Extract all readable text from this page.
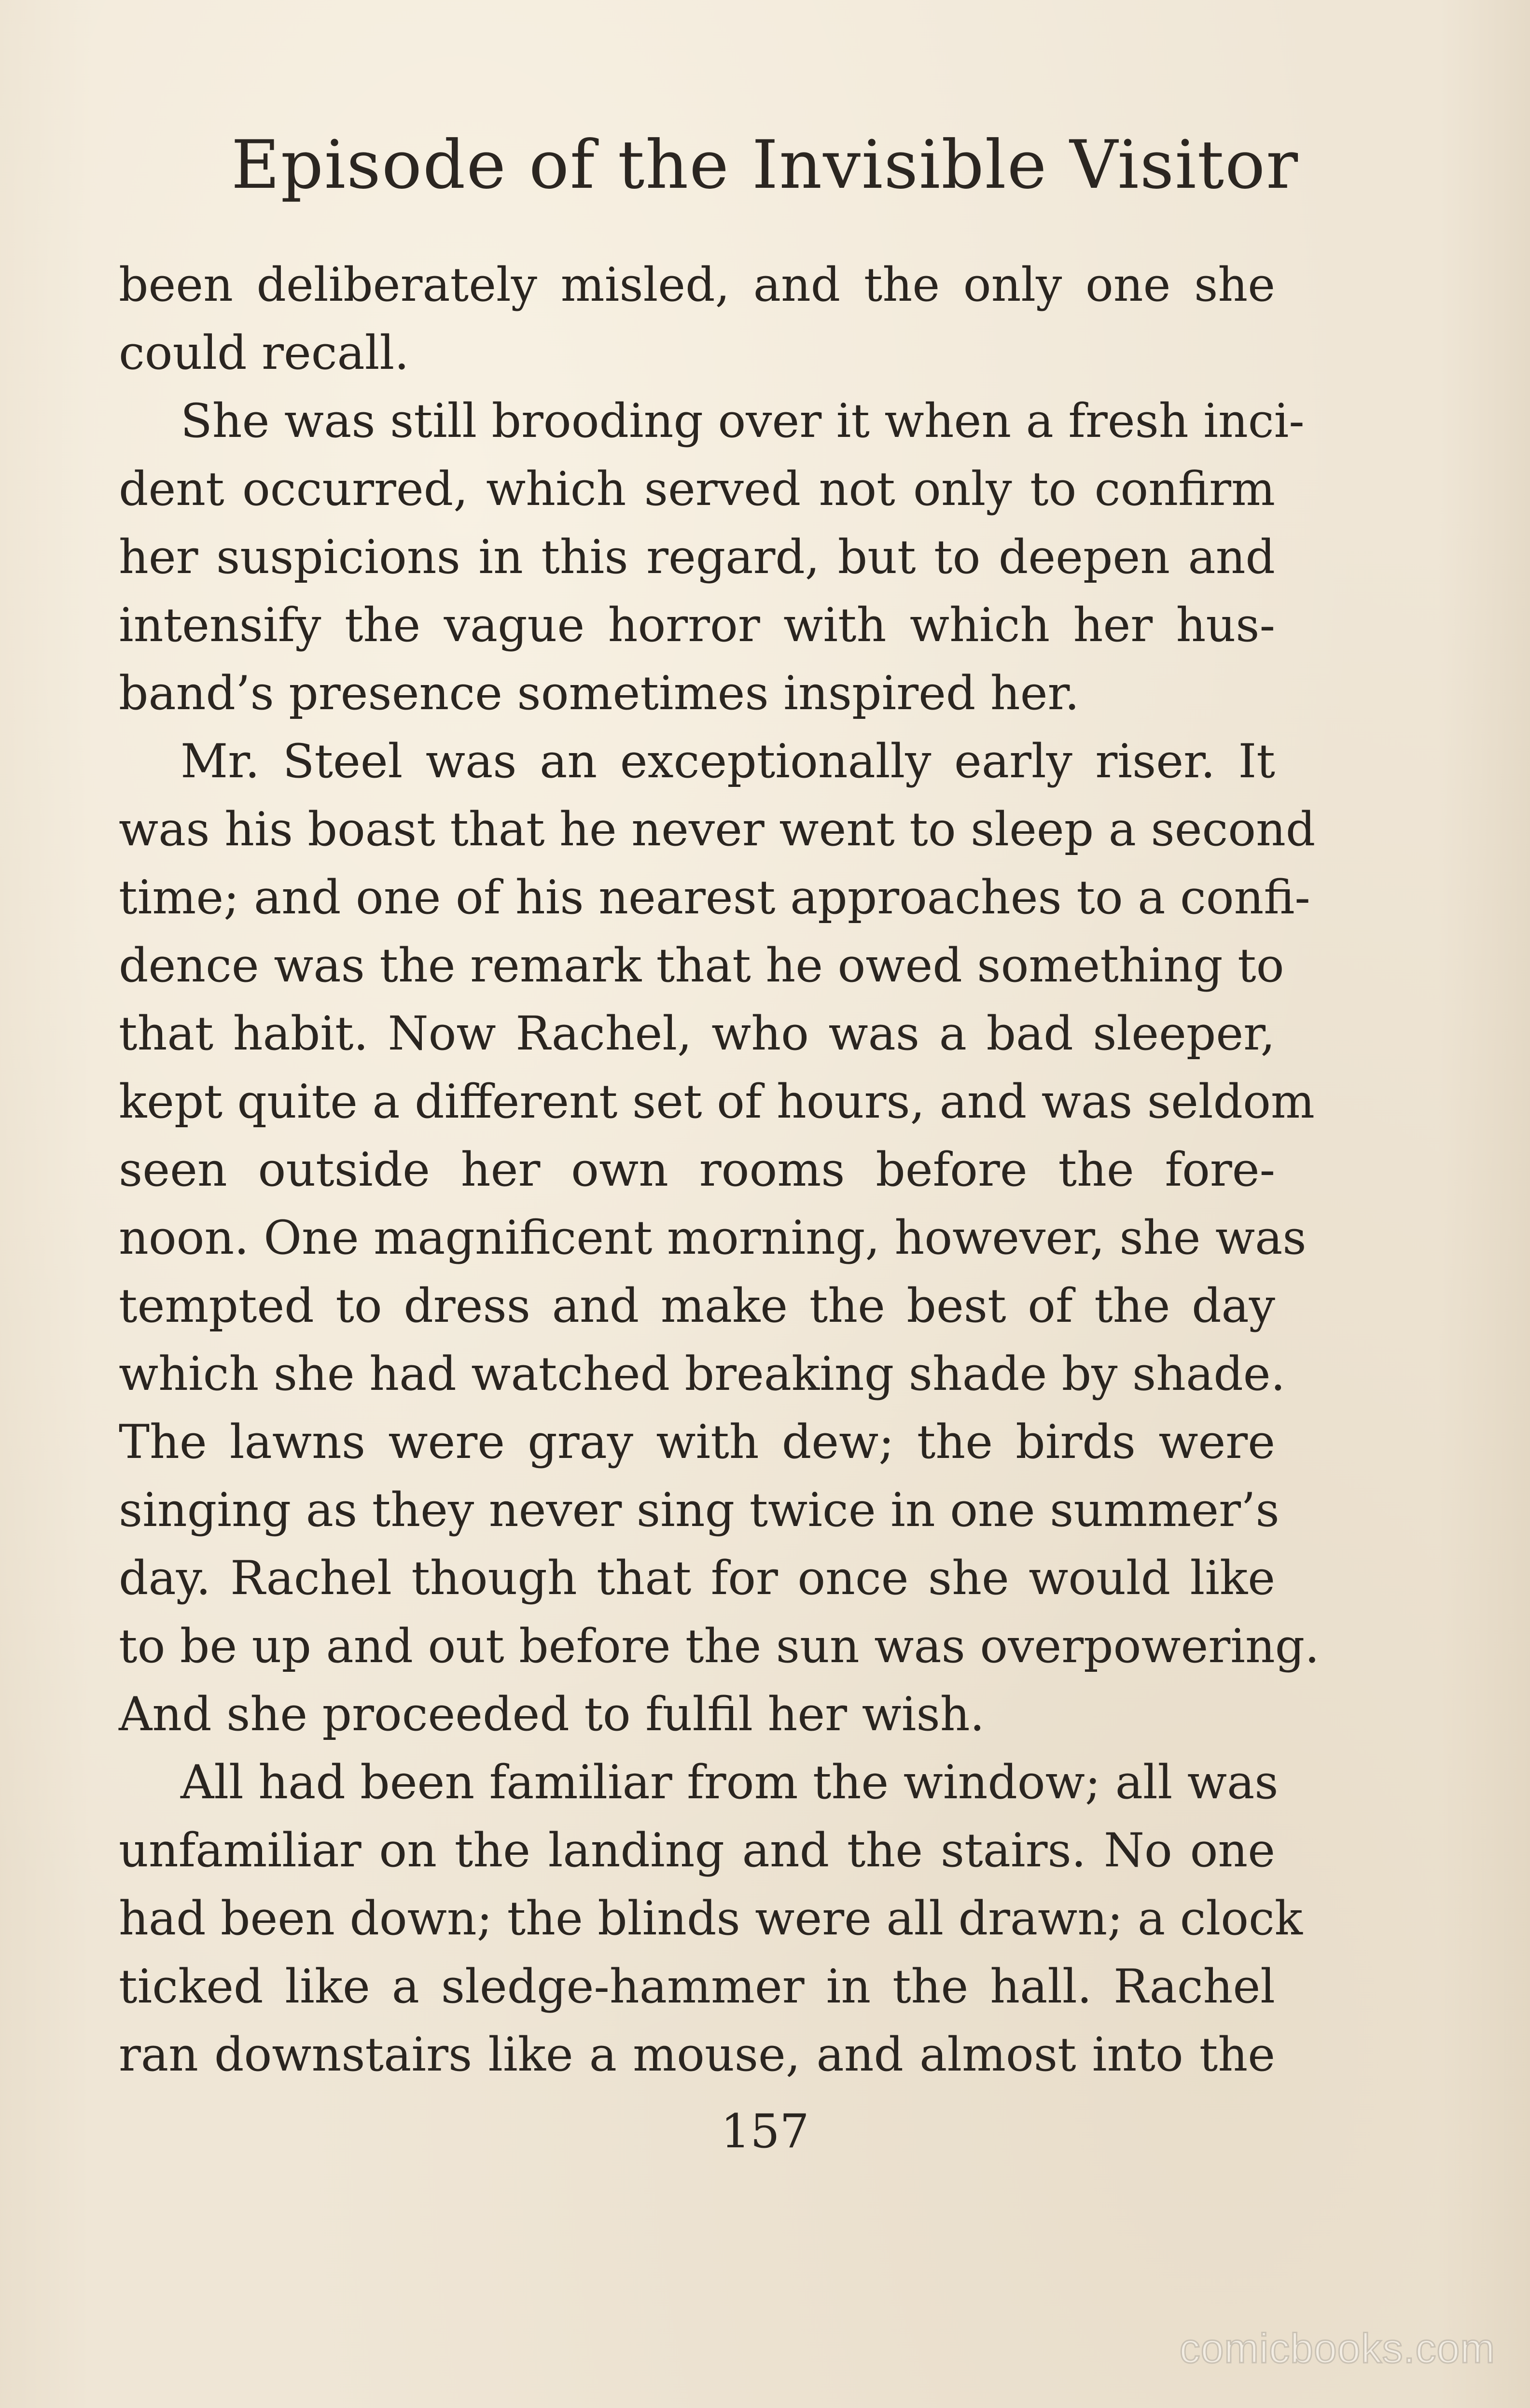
Episode of the Invisible Visitor
been deliberately misled, and the only one she
could recall.
She was still brooding over it when a fresh inci-
dent occurred, which served not only to confirm
her suspicions in this regard, but to deepen and
intensify the vague horror with which her hus-
band’s presence sometimes inspired her.
Mr. Steel was an exceptionally early riser. It
was his boast that he never went to sleep a second
time; and one of his nearest approaches to a confi-
dence was the remark that he owed something to
that habit. Now Rachel, who was a bad sleeper,
kept quite a different set of hours, and was seldom
seen outside her own rooms before the fore-
noon. One magnificent morning, however, she was
tempted to dress and make the best of the day
which she had watched breaking shade by shade.
The lawns were gray with dew; the birds were
singing as they never sing twice in one summer’s
day. Rachel though that for once she would like
to be up and out before the sun was overpowering.
And she proceeded to fulfil her wish.
All had been familiar from the window; all was
unfamiliar on the landing and the stairs. No one
had been down; the blinds were all drawn; a clock
ticked like a sledge-hammer in the hall. Rachel
ran downstairs like a mouse, and almost into the
157
comicbooks.com
